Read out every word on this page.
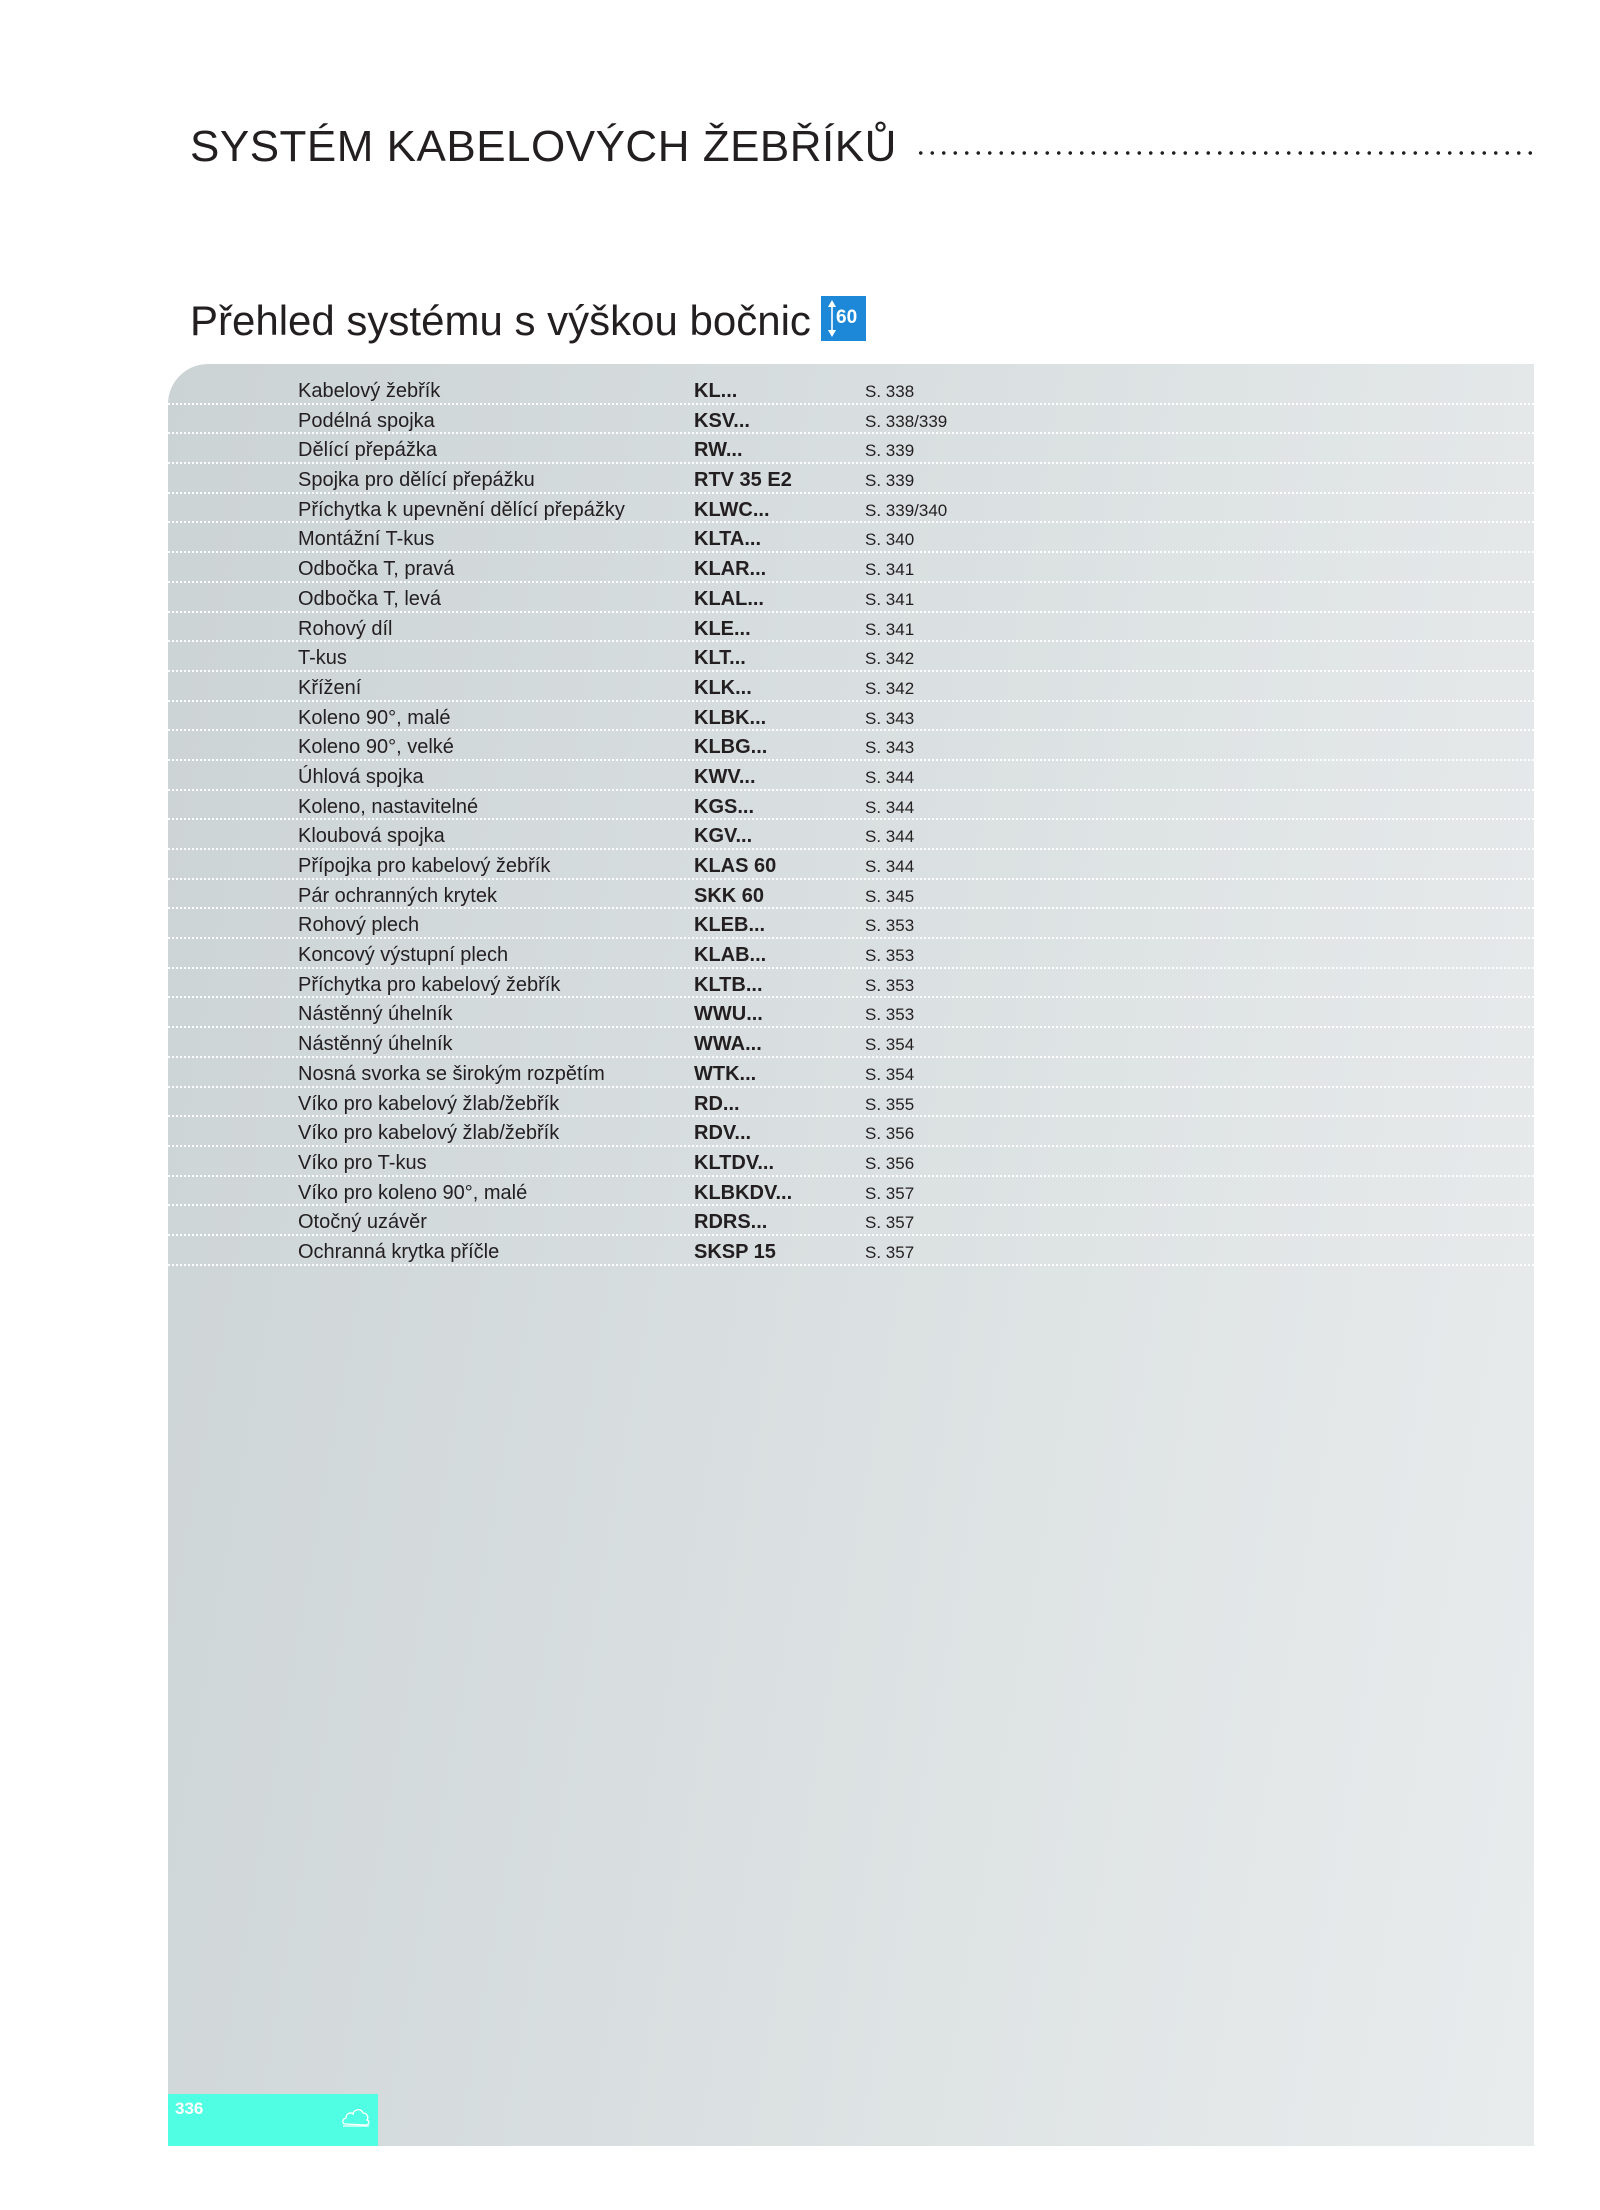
SYSTÉM KABELOVÝCH ŽEBŘÍKŮ
Přehled systému s výškou bočnic 60
Kabelový žebřík	KL...	S. 338
Podélná spojka	KSV...	S. 338/339
Dělící přepážka	RW...	S. 339
Spojka pro dělící přepážku	RTV 35 E2	S. 339
Příchytka k upevnění dělící přepážky	KLWC...	S. 339/340
Montážní T-kus	KLTA...	S. 340
Odbočka T, pravá	KLAR...	S. 341
Odbočka T, levá	KLAL...	S. 341
Rohový díl	KLE...	S. 341
T-kus	KLT...	S. 342
Křížení	KLK...	S. 342
Koleno 90°, malé	KLBK...	S. 343
Koleno 90°, velké	KLBG...	S. 343
Úhlová spojka	KWV...	S. 344
Koleno, nastavitelné	KGS...	S. 344
Kloubová spojka	KGV...	S. 344
Přípojka pro kabelový žebřík	KLAS 60	S. 344
Pár ochranných krytek	SKK 60	S. 345
Rohový plech	KLEB...	S. 353
Koncový výstupní plech	KLAB...	S. 353
Příchytka pro kabelový žebřík	KLTB...	S. 353
Nástěnný úhelník	WWU...	S. 353
Nástěnný úhelník	WWA...	S. 354
Nosná svorka se širokým rozpětím	WTK...	S. 354
Víko pro kabelový žlab/žebřík	RD...	S. 355
Víko pro kabelový žlab/žebřík	RDV...	S. 356
Víko pro T-kus	KLTDV...	S. 356
Víko pro koleno 90°, malé	KLBKDV...	S. 357
Otočný uzávěr	RDRS...	S. 357
Ochranná krytka příčle	SKSP 15	S. 357
336
